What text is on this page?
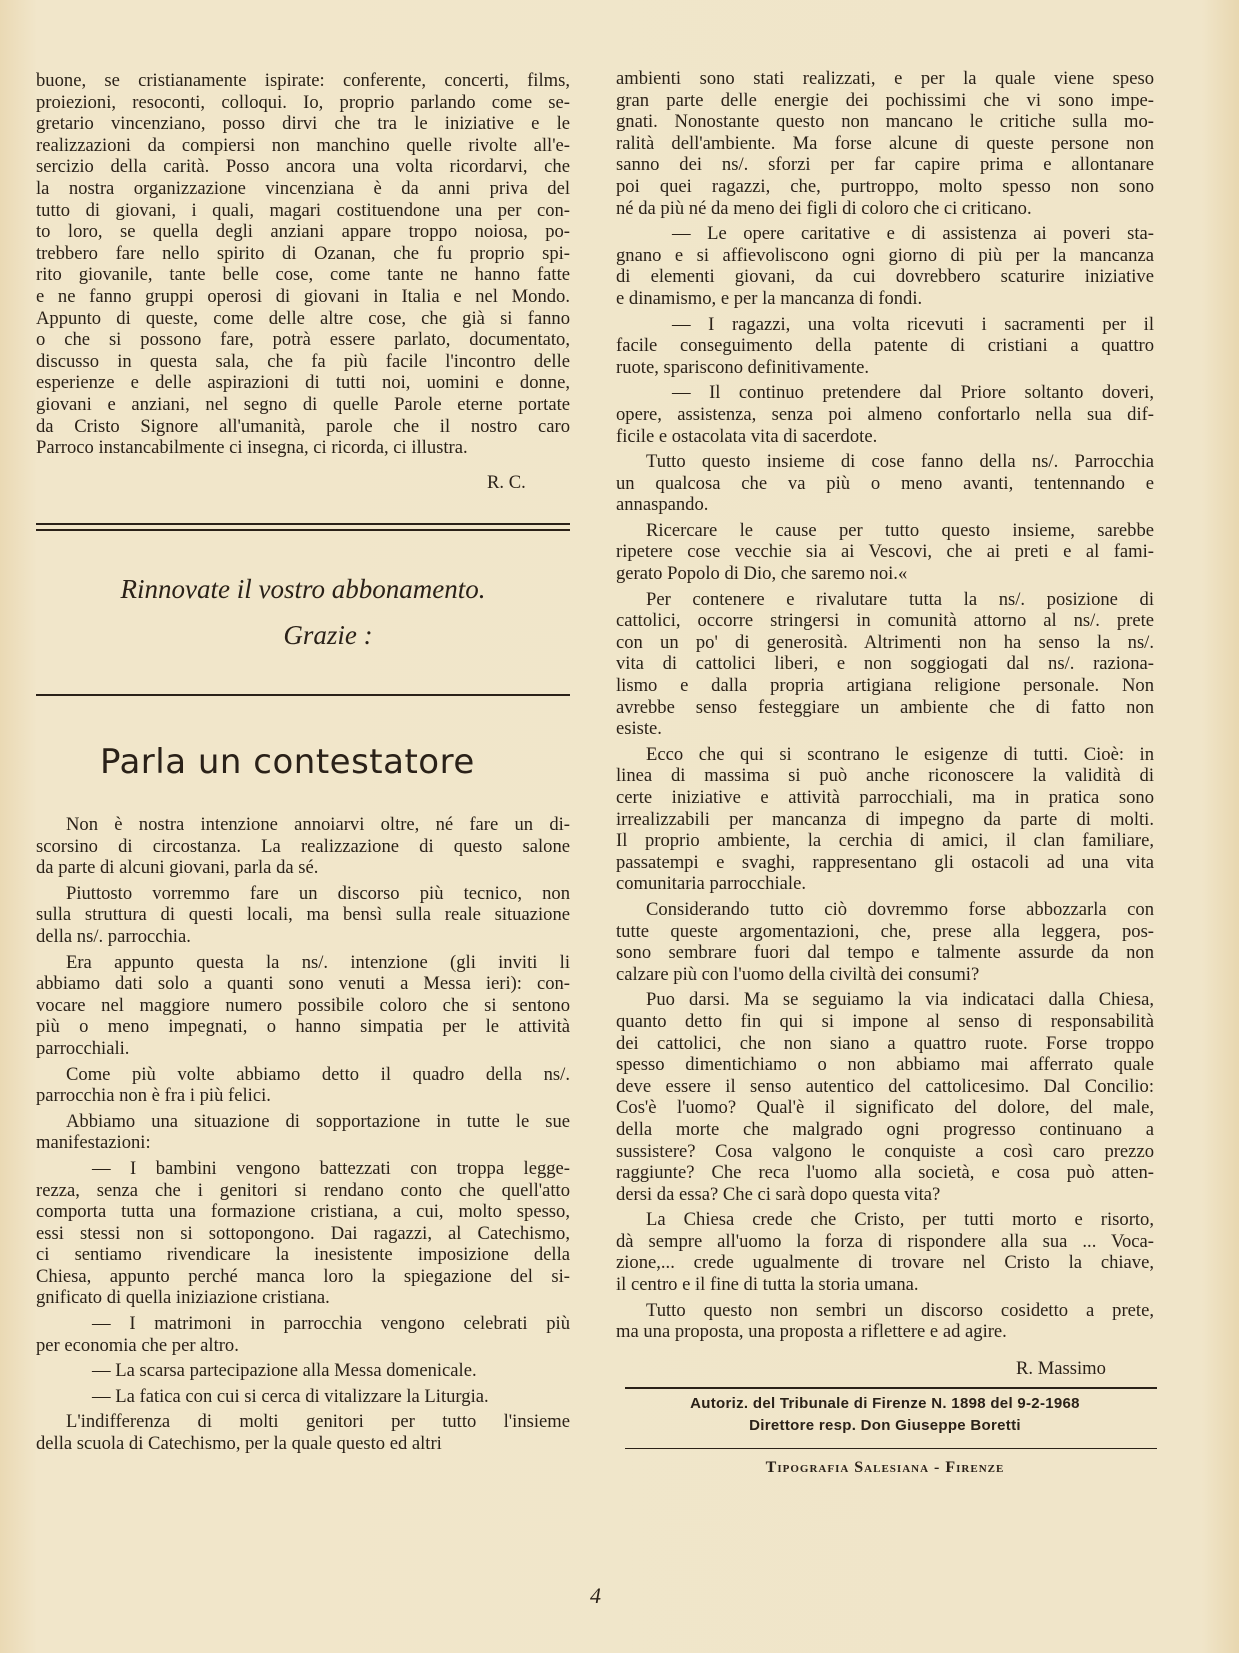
buone, se cristianamente ispirate: conferente, concerti, films,
proiezioni, resoconti, colloqui. Io, proprio parlando come se-
gretario vincenziano, posso dirvi che tra le iniziative e le
realizzazioni da compiersi non manchino quelle rivolte all'e-
sercizio della carità. Posso ancora una volta ricordarvi, che
la nostra organizzazione vincenziana è da anni priva del
tutto di giovani, i quali, magari costituendone una per con-
to loro, se quella degli anziani appare troppo noiosa, po-
trebbero fare nello spirito di Ozanan, che fu proprio spi-
rito giovanile, tante belle cose, come tante ne hanno fatte
e ne fanno gruppi operosi di giovani in Italia e nel Mondo.
Appunto di queste, come delle altre cose, che già si fanno
o che si possono fare, potrà essere parlato, documentato,
discusso in questa sala, che fa più facile l'incontro delle
esperienze e delle aspirazioni di tutti noi, uomini e donne,
giovani e anziani, nel segno di quelle Parole eterne portate
da Cristo Signore all'umanità, parole che il nostro caro
Parroco instancabilmente ci insegna, ci ricorda, ci illustra.
R. C.
Rinnovate il vostro abbonamento.
Grazie :
Parla un contestatore
Non è nostra intenzione annoiarvi oltre, né fare un di-
scorsino di circostanza. La realizzazione di questo salone
da parte di alcuni giovani, parla da sé.
Piuttosto vorremmo fare un discorso più tecnico, non
sulla struttura di questi locali, ma bensì sulla reale situazione
della ns/. parrocchia.
Era appunto questa la ns/. intenzione (gli inviti li
abbiamo dati solo a quanti sono venuti a Messa ieri): con-
vocare nel maggiore numero possibile coloro che si sentono
più o meno impegnati, o hanno simpatia per le attività
parrocchiali.
Come più volte abbiamo detto il quadro della ns/.
parrocchia non è fra i più felici.
Abbiamo una situazione di sopportazione in tutte le sue
manifestazioni:
— I bambini vengono battezzati con troppa legge-
rezza, senza che i genitori si rendano conto che quell'atto
comporta tutta una formazione cristiana, a cui, molto spesso,
essi stessi non si sottopongono. Dai ragazzi, al Catechismo,
ci sentiamo rivendicare la inesistente imposizione della
Chiesa, appunto perché manca loro la spiegazione del si-
gnificato di quella iniziazione cristiana.
— I matrimoni in parrocchia vengono celebrati più
per economia che per altro.
— La scarsa partecipazione alla Messa domenicale.
— La fatica con cui si cerca di vitalizzare la Liturgia.
L'indifferenza di molti genitori per tutto l'insieme
della scuola di Catechismo, per la quale questo ed altri
ambienti sono stati realizzati, e per la quale viene speso
gran parte delle energie dei pochissimi che vi sono impe-
gnati. Nonostante questo non mancano le critiche sulla mo-
ralità dell'ambiente. Ma forse alcune di queste persone non
sanno dei ns/. sforzi per far capire prima e allontanare
poi quei ragazzi, che, purtroppo, molto spesso non sono
né da più né da meno dei figli di coloro che ci criticano.
— Le opere caritative e di assistenza ai poveri sta-
gnano e si affievoliscono ogni giorno di più per la mancanza
di elementi giovani, da cui dovrebbero scaturire iniziative
e dinamismo, e per la mancanza di fondi.
— I ragazzi, una volta ricevuti i sacramenti per il
facile conseguimento della patente di cristiani a quattro
ruote, spariscono definitivamente.
— Il continuo pretendere dal Priore soltanto doveri,
opere, assistenza, senza poi almeno confortarlo nella sua dif-
ficile e ostacolata vita di sacerdote.
Tutto questo insieme di cose fanno della ns/. Parrocchia
un qualcosa che va più o meno avanti, tentennando e
annaspando.
Ricercare le cause per tutto questo insieme, sarebbe
ripetere cose vecchie sia ai Vescovi, che ai preti e al fami-
gerato Popolo di Dio, che saremo noi.«
Per contenere e rivalutare tutta la ns/. posizione di
cattolici, occorre stringersi in comunità attorno al ns/. prete
con un po' di generosità. Altrimenti non ha senso la ns/.
vita di cattolici liberi, e non soggiogati dal ns/. raziona-
lismo e dalla propria artigiana religione personale. Non
avrebbe senso festeggiare un ambiente che di fatto non
esiste.
Ecco che qui si scontrano le esigenze di tutti. Cioè: in
linea di massima si può anche riconoscere la validità di
certe iniziative e attività parrocchiali, ma in pratica sono
irrealizzabili per mancanza di impegno da parte di molti.
Il proprio ambiente, la cerchia di amici, il clan familiare,
passatempi e svaghi, rappresentano gli ostacoli ad una vita
comunitaria parrocchiale.
Considerando tutto ciò dovremmo forse abbozzarla con
tutte queste argomentazioni, che, prese alla leggera, pos-
sono sembrare fuori dal tempo e talmente assurde da non
calzare più con l'uomo della civiltà dei consumi?
Puo darsi. Ma se seguiamo la via indicataci dalla Chiesa,
quanto detto fin qui si impone al senso di responsabilità
dei cattolici, che non siano a quattro ruote. Forse troppo
spesso dimentichiamo o non abbiamo mai afferrato quale
deve essere il senso autentico del cattolicesimo. Dal Concilio:
Cos'è l'uomo? Qual'è il significato del dolore, del male,
della morte che malgrado ogni progresso continuano a
sussistere? Cosa valgono le conquiste a così caro prezzo
raggiunte? Che reca l'uomo alla società, e cosa può atten-
dersi da essa? Che ci sarà dopo questa vita?
La Chiesa crede che Cristo, per tutti morto e risorto,
dà sempre all'uomo la forza di rispondere alla sua ... Voca-
zione,... crede ugualmente di trovare nel Cristo la chiave,
il centro e il fine di tutta la storia umana.
Tutto questo non sembri un discorso cosidetto a prete,
ma una proposta, una proposta a riflettere e ad agire.
R. Massimo
Autoriz. del Tribunale di Firenze N. 1898 del 9-2-1968
Direttore resp. Don Giuseppe Boretti
Tipografia Salesiana - Firenze
4
